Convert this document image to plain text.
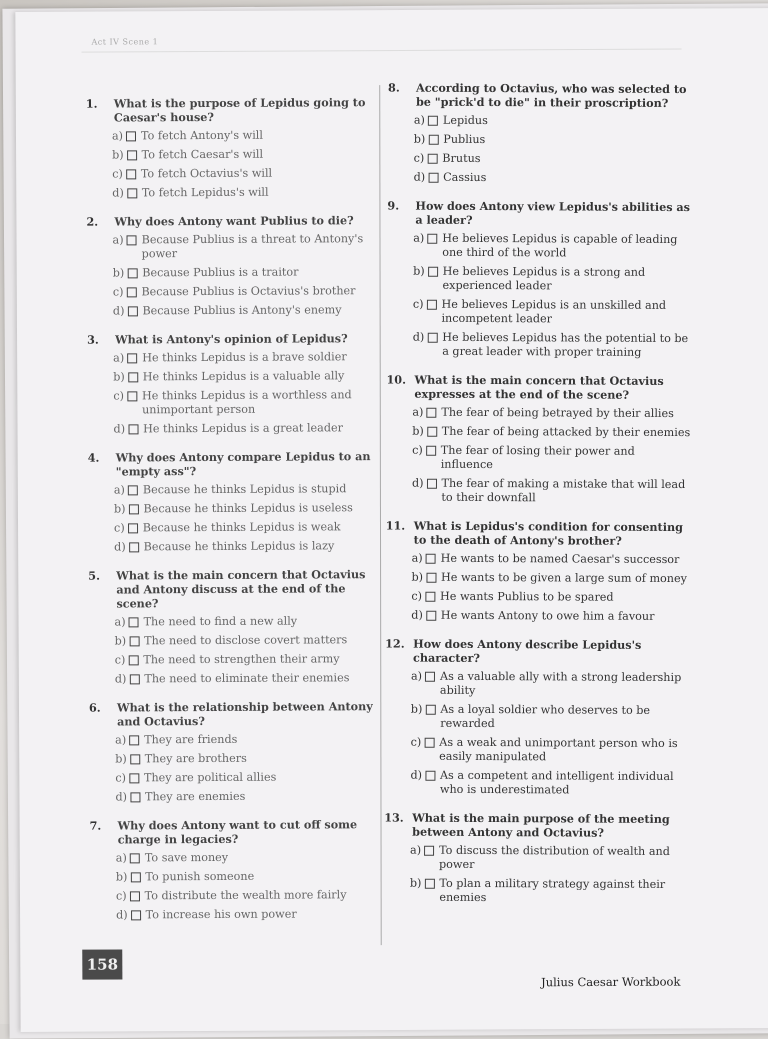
Act IV Scene 1
1.	What is the purpose of Lepidus going to Caesar's house?
a) To fetch Antony's will
b) To fetch Caesar's will
c) To fetch Octavius's will
d) To fetch Lepidus's will
2.	Why does Antony want Publius to die?
a) Because Publius is a threat to Antony's power
b) Because Publius is a traitor
c) Because Publius is Octavius's brother
d) Because Publius is Antony's enemy
3.	What is Antony's opinion of Lepidus?
a) He thinks Lepidus is a brave soldier
b) He thinks Lepidus is a valuable ally
c) He thinks Lepidus is a worthless and unimportant person
d) He thinks Lepidus is a great leader
4.	Why does Antony compare Lepidus to an "empty ass"?
a) Because he thinks Lepidus is stupid
b) Because he thinks Lepidus is useless
c) Because he thinks Lepidus is weak
d) Because he thinks Lepidus is lazy
5.	What is the main concern that Octavius and Antony discuss at the end of the scene?
a) The need to find a new ally
b) The need to disclose covert matters
c) The need to strengthen their army
d) The need to eliminate their enemies
6.	What is the relationship between Antony and Octavius?
a) They are friends
b) They are brothers
c) They are political allies
d) They are enemies
7.	Why does Antony want to cut off some charge in legacies?
a) To save money
b) To punish someone
c) To distribute the wealth more fairly
d) To increase his own power
8.	According to Octavius, who was selected to be "prick'd to die" in their proscription?
a) Lepidus
b) Publius
c) Brutus
d) Cassius
9.	How does Antony view Lepidus's abilities as a leader?
a) He believes Lepidus is capable of leading one third of the world
b) He believes Lepidus is a strong and experienced leader
c) He believes Lepidus is an unskilled and incompetent leader
d) He believes Lepidus has the potential to be a great leader with proper training
10. What is the main concern that Octavius expresses at the end of the scene?
a) The fear of being betrayed by their allies
b) The fear of being attacked by their enemies
c) The fear of losing their power and influence
d) The fear of making a mistake that will lead to their downfall
11. What is Lepidus's condition for consenting to the death of Antony's brother?
a) He wants to be named Caesar's successor
b) He wants to be given a large sum of money
c) He wants Publius to be spared
d) He wants Antony to owe him a favour
12. How does Antony describe Lepidus's character?
a) As a valuable ally with a strong leadership ability
b) As a loyal soldier who deserves to be rewarded
c) As a weak and unimportant person who is easily manipulated
d) As a competent and intelligent individual who is underestimated
13. What is the main purpose of the meeting between Antony and Octavius?
a) To discuss the distribution of wealth and power
b) To plan a military strategy against their enemies
158
Julius Caesar Workbook
